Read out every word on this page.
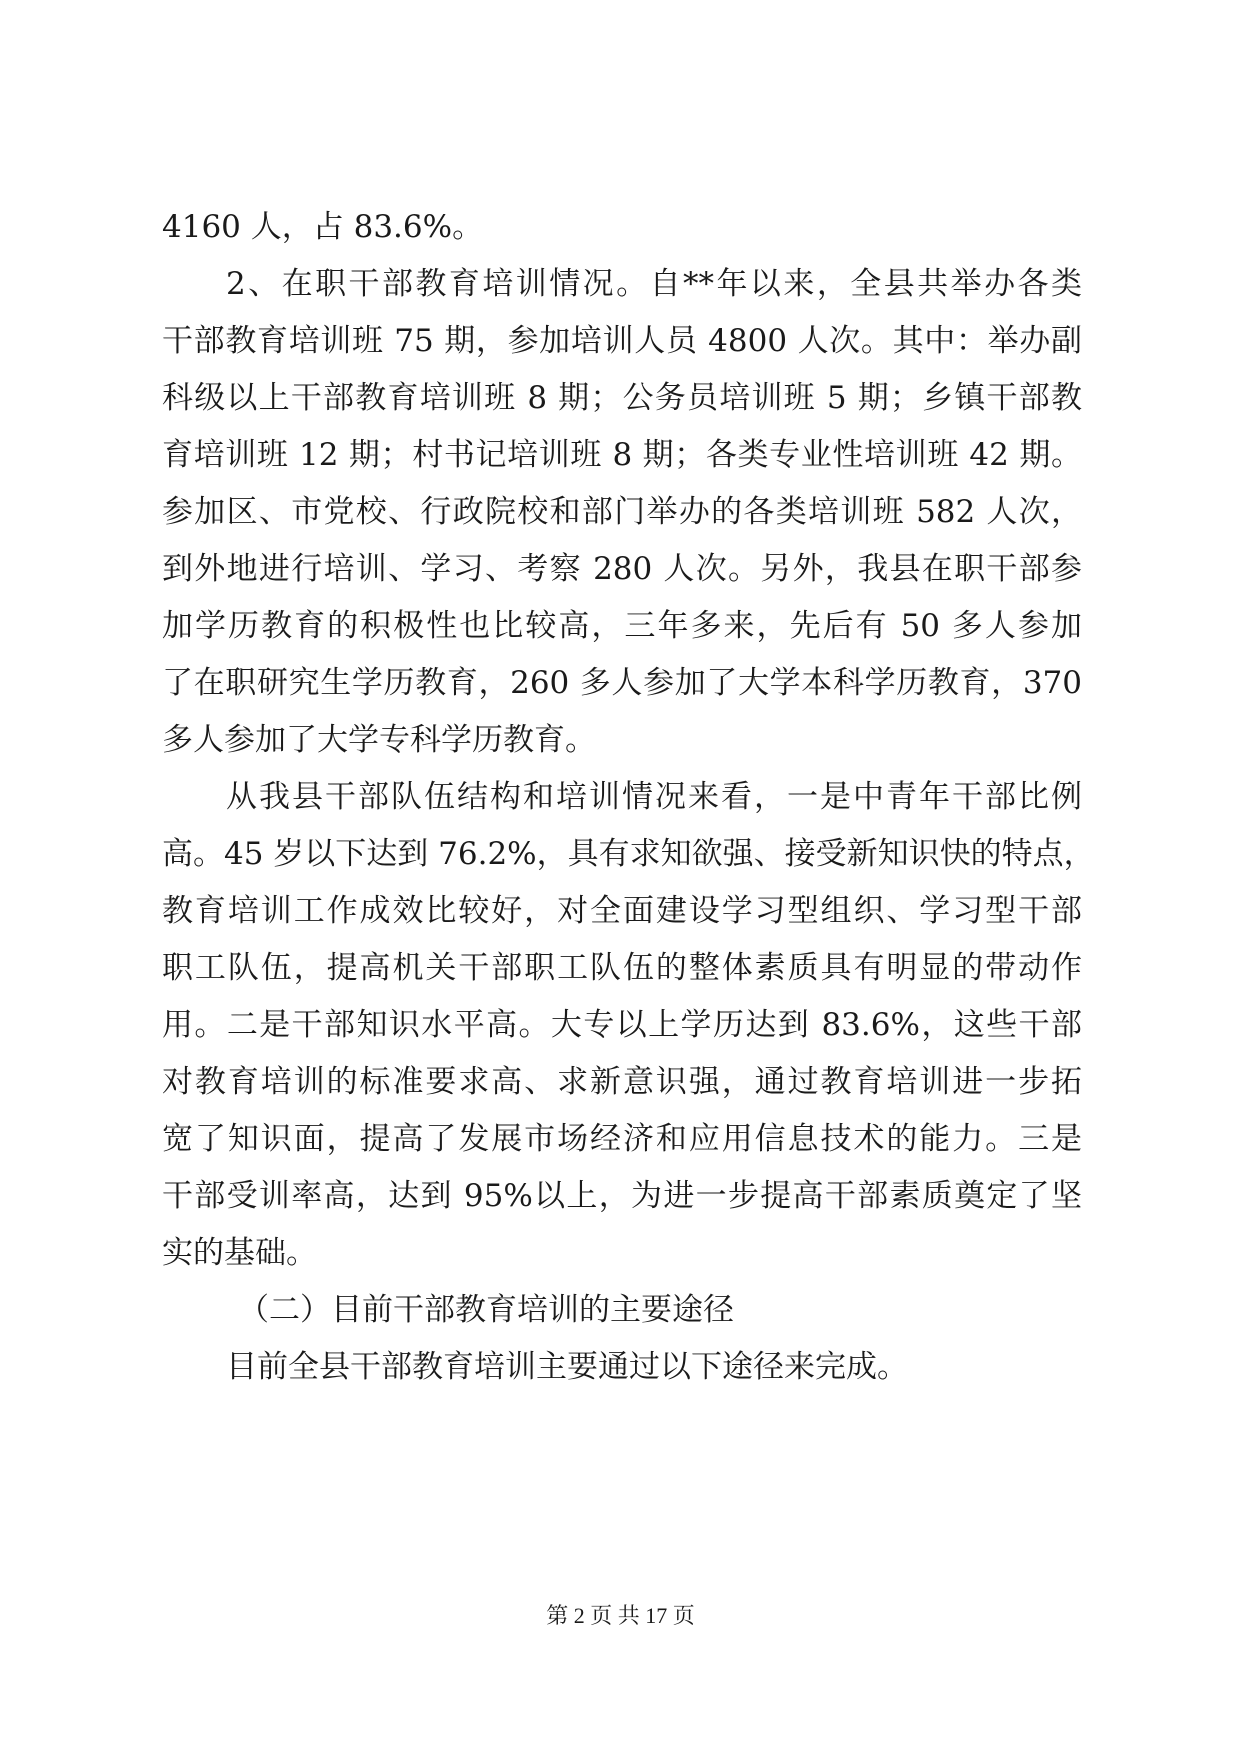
4160 人，占 83.6%。
2、在职干部教育培训情况。自**年以来，全县共举办各类
干部教育培训班 75 期，参加培训人员 4800 人次。其中：举办副
科级以上干部教育培训班 8 期；公务员培训班 5 期；乡镇干部教
育培训班 12 期；村书记培训班 8 期；各类专业性培训班 42 期。
参加区、市党校、行政院校和部门举办的各类培训班 582 人次，
到外地进行培训、学习、考察 280 人次。另外，我县在职干部参
加学历教育的积极性也比较高，三年多来，先后有 50 多人参加
了在职研究生学历教育，260 多人参加了大学本科学历教育，370
多人参加了大学专科学历教育。
从我县干部队伍结构和培训情况来看，一是中青年干部比例
高。45 岁以下达到 76.2%，具有求知欲强、接受新知识快的特点，
教育培训工作成效比较好，对全面建设学习型组织、学习型干部
职工队伍，提高机关干部职工队伍的整体素质具有明显的带动作
用。二是干部知识水平高。大专以上学历达到 83.6%，这些干部
对教育培训的标准要求高、求新意识强，通过教育培训进一步拓
宽了知识面，提高了发展市场经济和应用信息技术的能力。三是
干部受训率高，达到 95%以上，为进一步提高干部素质奠定了坚
实的基础。
（二）目前干部教育培训的主要途径
目前全县干部教育培训主要通过以下途径来完成。
第 2 页 共 17 页
